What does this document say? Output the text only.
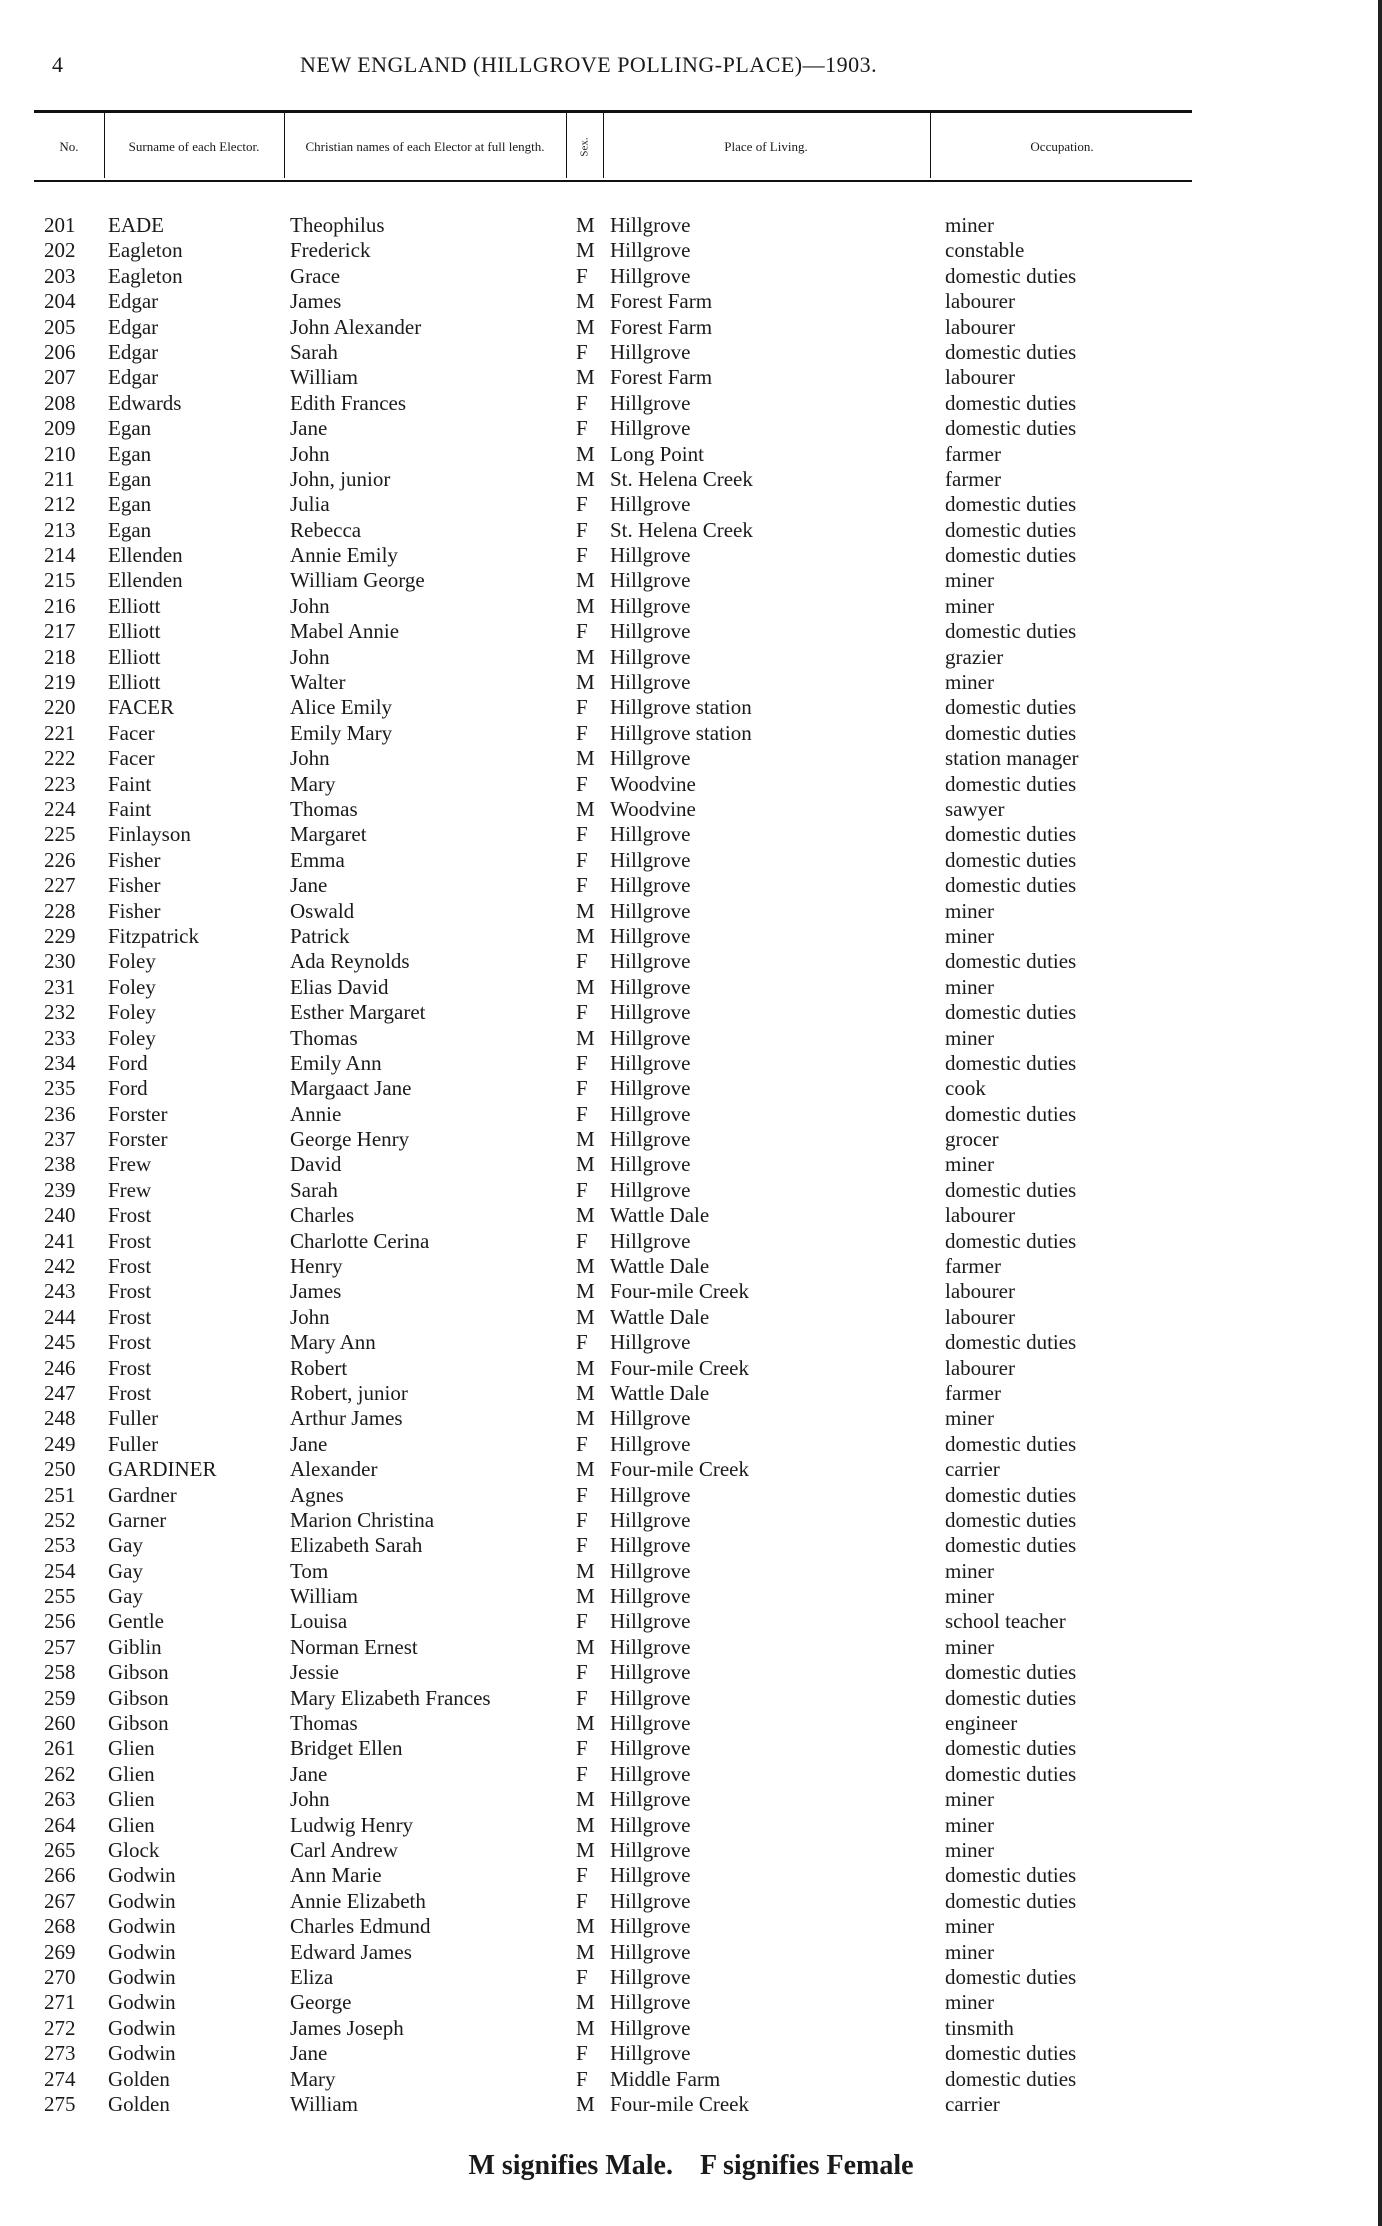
4	NEW ENGLAND (HILLGROVE POLLING-PLACE)—1903.
No.	Surname of each Elector.	Christian names of each Elector at full length.	Sex.	Place of Living.	Occupation.
201 EADE	Theophilus	M Hillgrove	miner
202 Eagleton	Frederick	M Hillgrove	constable
203 Eagleton	Grace	F Hillgrove	domestic duties
204 Edgar	James	M Forest Farm	labourer
205 Edgar	John Alexander	M Forest Farm	labourer
206 Edgar	Sarah	F Hillgrove	domestic duties
207 Edgar	William	M Forest Farm	labourer
208 Edwards	Edith Frances	F Hillgrove	domestic duties
209 Egan	Jane	F Hillgrove	domestic duties
210 Egan	John	M Long Point	farmer
211 Egan	John, junior	M St. Helena Creek	farmer
212 Egan	Julia	F Hillgrove	domestic duties
213 Egan	Rebecca	F St. Helena Creek	domestic duties
214 Ellenden	Annie Emily	F Hillgrove	domestic duties
215 Ellenden	William George	M Hillgrove	miner
216 Elliott	John	M Hillgrove	miner
217 Elliott	Mabel Annie	F Hillgrove	domestic duties
218 Elliott	John	M Hillgrove	grazier
219 Elliott	Walter	M Hillgrove	miner
220 FACER	Alice Emily	F Hillgrove station	domestic duties
221 Facer	Emily Mary	F Hillgrove station	domestic duties
222 Facer	John	M Hillgrove	station manager
223 Faint	Mary	F Woodvine	domestic duties
224 Faint	Thomas	M Woodvine	sawyer
225 Finlayson	Margaret	F Hillgrove	domestic duties
226 Fisher	Emma	F Hillgrove	domestic duties
227 Fisher	Jane	F Hillgrove	domestic duties
228 Fisher	Oswald	M Hillgrove	miner
229 Fitzpatrick	Patrick	M Hillgrove	miner
230 Foley	Ada Reynolds	F Hillgrove	domestic duties
231 Foley	Elias David	M Hillgrove	miner
232 Foley	Esther Margaret	F Hillgrove	domestic duties
233 Foley	Thomas	M Hillgrove	miner
234 Ford	Emily Ann	F Hillgrove	domestic duties
235 Ford	Margaact Jane	F Hillgrove	cook
236 Forster	Annie	F Hillgrove	domestic duties
237 Forster	George Henry	M Hillgrove	grocer
238 Frew	David	M Hillgrove	miner
239 Frew	Sarah	F Hillgrove	domestic duties
240 Frost	Charles	M Wattle Dale	labourer
241 Frost	Charlotte Cerina	F Hillgrove	domestic duties
242 Frost	Henry	M Wattle Dale	farmer
243 Frost	James	M Four-mile Creek	labourer
244 Frost	John	M Wattle Dale	labourer
245 Frost	Mary Ann	F Hillgrove	domestic duties
246 Frost	Robert	M Four-mile Creek	labourer
247 Frost	Robert, junior	M Wattle Dale	farmer
248 Fuller	Arthur James	M Hillgrove	miner
249 Fuller	Jane	F Hillgrove	domestic duties
250 GARDINER	Alexander	M Four-mile Creek	carrier
251 Gardner	Agnes	F Hillgrove	domestic duties
252 Garner	Marion Christina	F Hillgrove	domestic duties
253 Gay	Elizabeth Sarah	F Hillgrove	domestic duties
254 Gay	Tom	M Hillgrove	miner
255 Gay	William	M Hillgrove	miner
256 Gentle	Louisa	F Hillgrove	school teacher
257 Giblin	Norman Ernest	M Hillgrove	miner
258 Gibson	Jessie	F Hillgrove	domestic duties
259 Gibson	Mary Elizabeth Frances	F Hillgrove	domestic duties
260 Gibson	Thomas	M Hillgrove	engineer
261 Glien	Bridget Ellen	F Hillgrove	domestic duties
262 Glien	Jane	F Hillgrove	domestic duties
263 Glien	John	M Hillgrove	miner
264 Glien	Ludwig Henry	M Hillgrove	miner
265 Glock	Carl Andrew	M Hillgrove	miner
266 Godwin	Ann Marie	F Hillgrove	domestic duties
267 Godwin	Annie Elizabeth	F Hillgrove	domestic duties
268 Godwin	Charles Edmund	M Hillgrove	miner
269 Godwin	Edward James	M Hillgrove	miner
270 Godwin	Eliza	F Hillgrove	domestic duties
271 Godwin	George	M Hillgrove	miner
272 Godwin	James Joseph	M Hillgrove	tinsmith
273 Godwin	Jane	F Hillgrove	domestic duties
274 Golden	Mary	F Middle Farm	domestic duties
275 Golden	William	M Four-mile Creek	carrier
M signifies Male. F signifies Female
